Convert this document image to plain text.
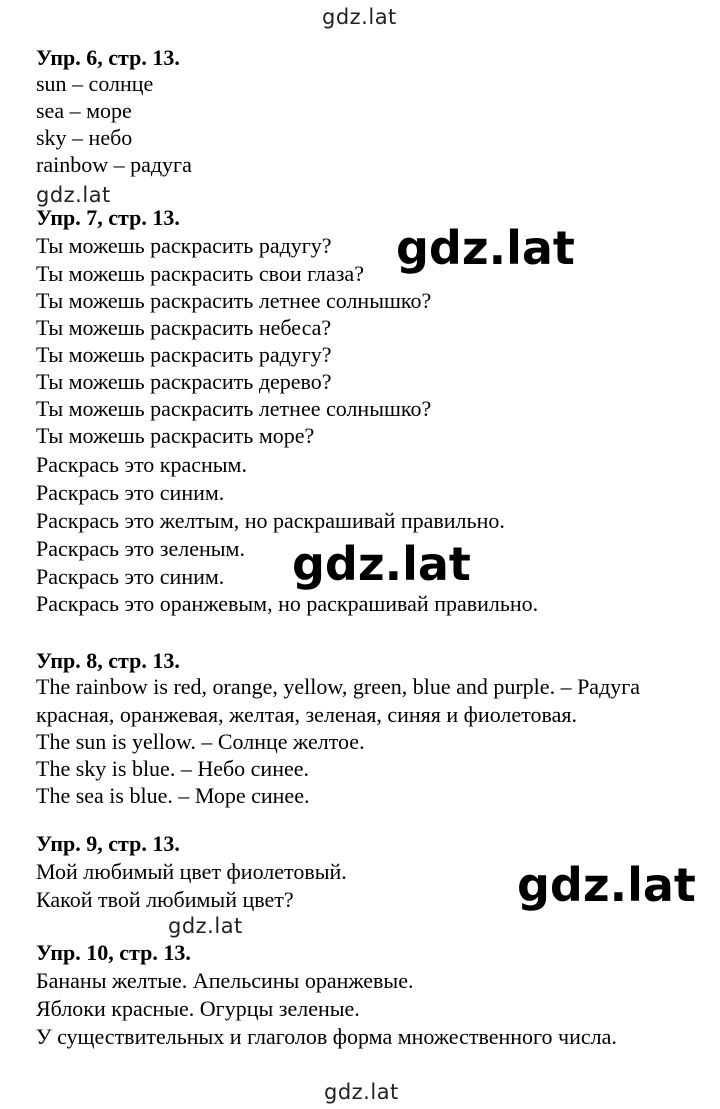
gdz.lat
Упр. 6, стр. 13.
sun – солнце
sea – море
sky – небо
rainbow – радуга
gdz.lat
Упр. 7, стр. 13.
Ты можешь раскрасить радугу?
Ты можешь раскрасить свои глаза?
Ты можешь раскрасить летнее солнышко?
Ты можешь раскрасить небеса?
Ты можешь раскрасить радугу?
Ты можешь раскрасить дерево?
Ты можешь раскрасить летнее солнышко?
Ты можешь раскрасить море?
Раскрась это красным.
Раскрась это синим.
Раскрась это желтым, но раскрашивай правильно.
Раскрась это зеленым.
Раскрась это синим.
Раскрась это оранжевым, но раскрашивай правильно.
gdz.lat
gdz.lat
Упр. 8, стр. 13.
The rainbow is red, orange, yellow, green, blue and purple. – Радуга
красная, оранжевая, желтая, зеленая, синяя и фиолетовая.
The sun is yellow. – Солнце желтое.
The sky is blue. – Небо синее.
The sea is blue. – Море синее.
Упр. 9, стр. 13.
Мой любимый цвет фиолетовый.
Какой твой любимый цвет?	gdz.lat
gdz.lat
Упр. 10, стр. 13.
Бананы желтые. Апельсины оранжевые.
Яблоки красные. Огурцы зеленые.
У существительных и глаголов форма множественного числа.
gdz.lat
